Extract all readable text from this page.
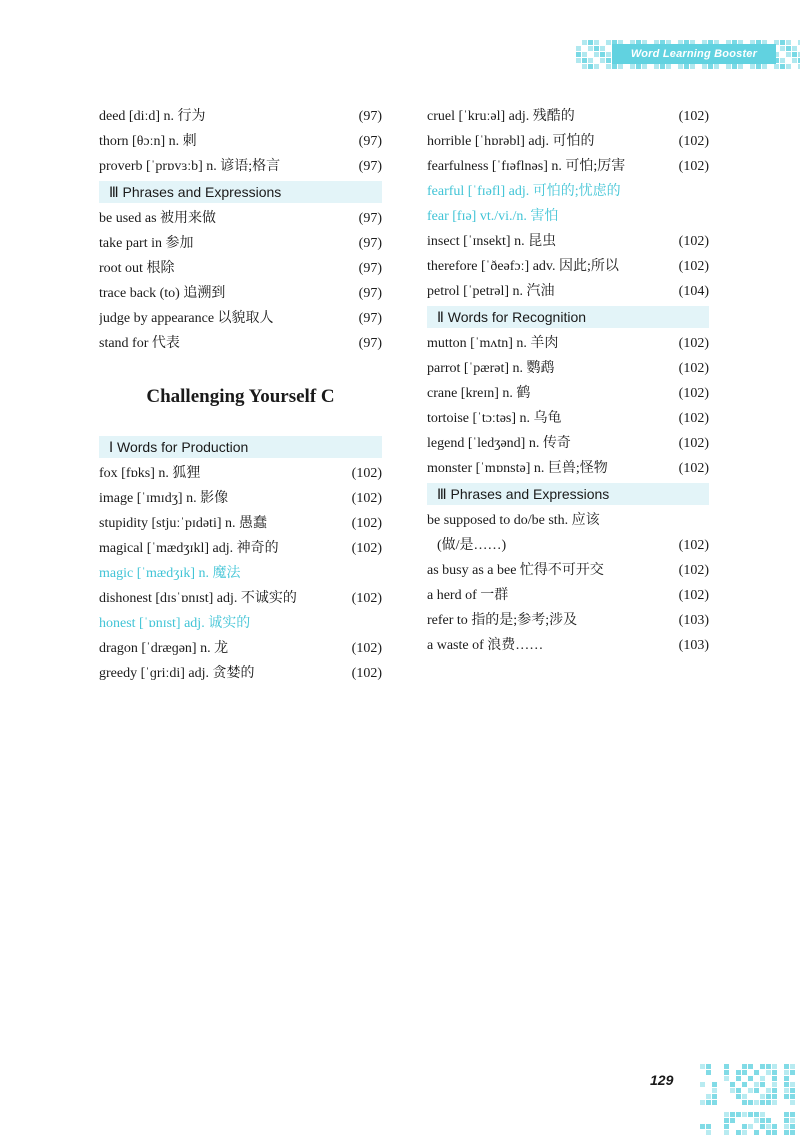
Word Learning Booster
deed [diːd] n. 行为	(97)
thorn [θɔːn] n. 刺	(97)
proverb [ˈprɒvɜːb] n. 谚语;格言	(97)
Ⅲ Phrases and Expressions
be used as 被用来做	(97)
take part in 参加	(97)
root out 根除	(97)
trace back (to) 追溯到	(97)
judge by appearance 以貌取人	(97)
stand for 代表	(97)
Challenging Yourself C
Ⅰ Words for Production
fox [fɒks] n. 狐狸	(102)
image [ˈɪmɪdʒ] n. 影像	(102)
stupidity [stjuːˈpɪdəti] n. 愚蠢	(102)
magical [ˈmædʒɪkl] adj. 神奇的	(102)
magic [ˈmædʒɪk] n. 魔法
dishonest [dɪsˈɒnɪst] adj. 不诚实的	(102)
honest [ˈɒnɪst] adj. 诚实的
dragon [ˈdræɡən] n. 龙	(102)
greedy [ˈɡriːdi] adj. 贪婪的	(102)
cruel [ˈkruːəl] adj. 残酷的	(102)
horrible [ˈhɒrəbl] adj. 可怕的	(102)
fearfulness [ˈfɪəflnəs] n. 可怕;厉害	(102)
fearful [ˈfɪəfl] adj. 可怕的;忧虑的
fear [fɪə] vt./vi./n. 害怕
insect [ˈɪnsekt] n. 昆虫	(102)
therefore [ˈðeəfɔː] adv. 因此;所以	(102)
petrol [ˈpetrəl] n. 汽油	(104)
Ⅱ Words for Recognition
mutton [ˈmʌtn] n. 羊肉	(102)
parrot [ˈpærət] n. 鹦鹉	(102)
crane [kreɪn] n. 鹤	(102)
tortoise [ˈtɔːtəs] n. 乌龟	(102)
legend [ˈledʒənd] n. 传奇	(102)
monster [ˈmɒnstə] n. 巨兽;怪物	(102)
Ⅲ Phrases and Expressions
be supposed to do/be sth. 应该
(做/是……)	(102)
as busy as a bee 忙得不可开交	(102)
a herd of 一群	(102)
refer to 指的是;参考;涉及	(103)
a waste of 浪费……	(103)
129
